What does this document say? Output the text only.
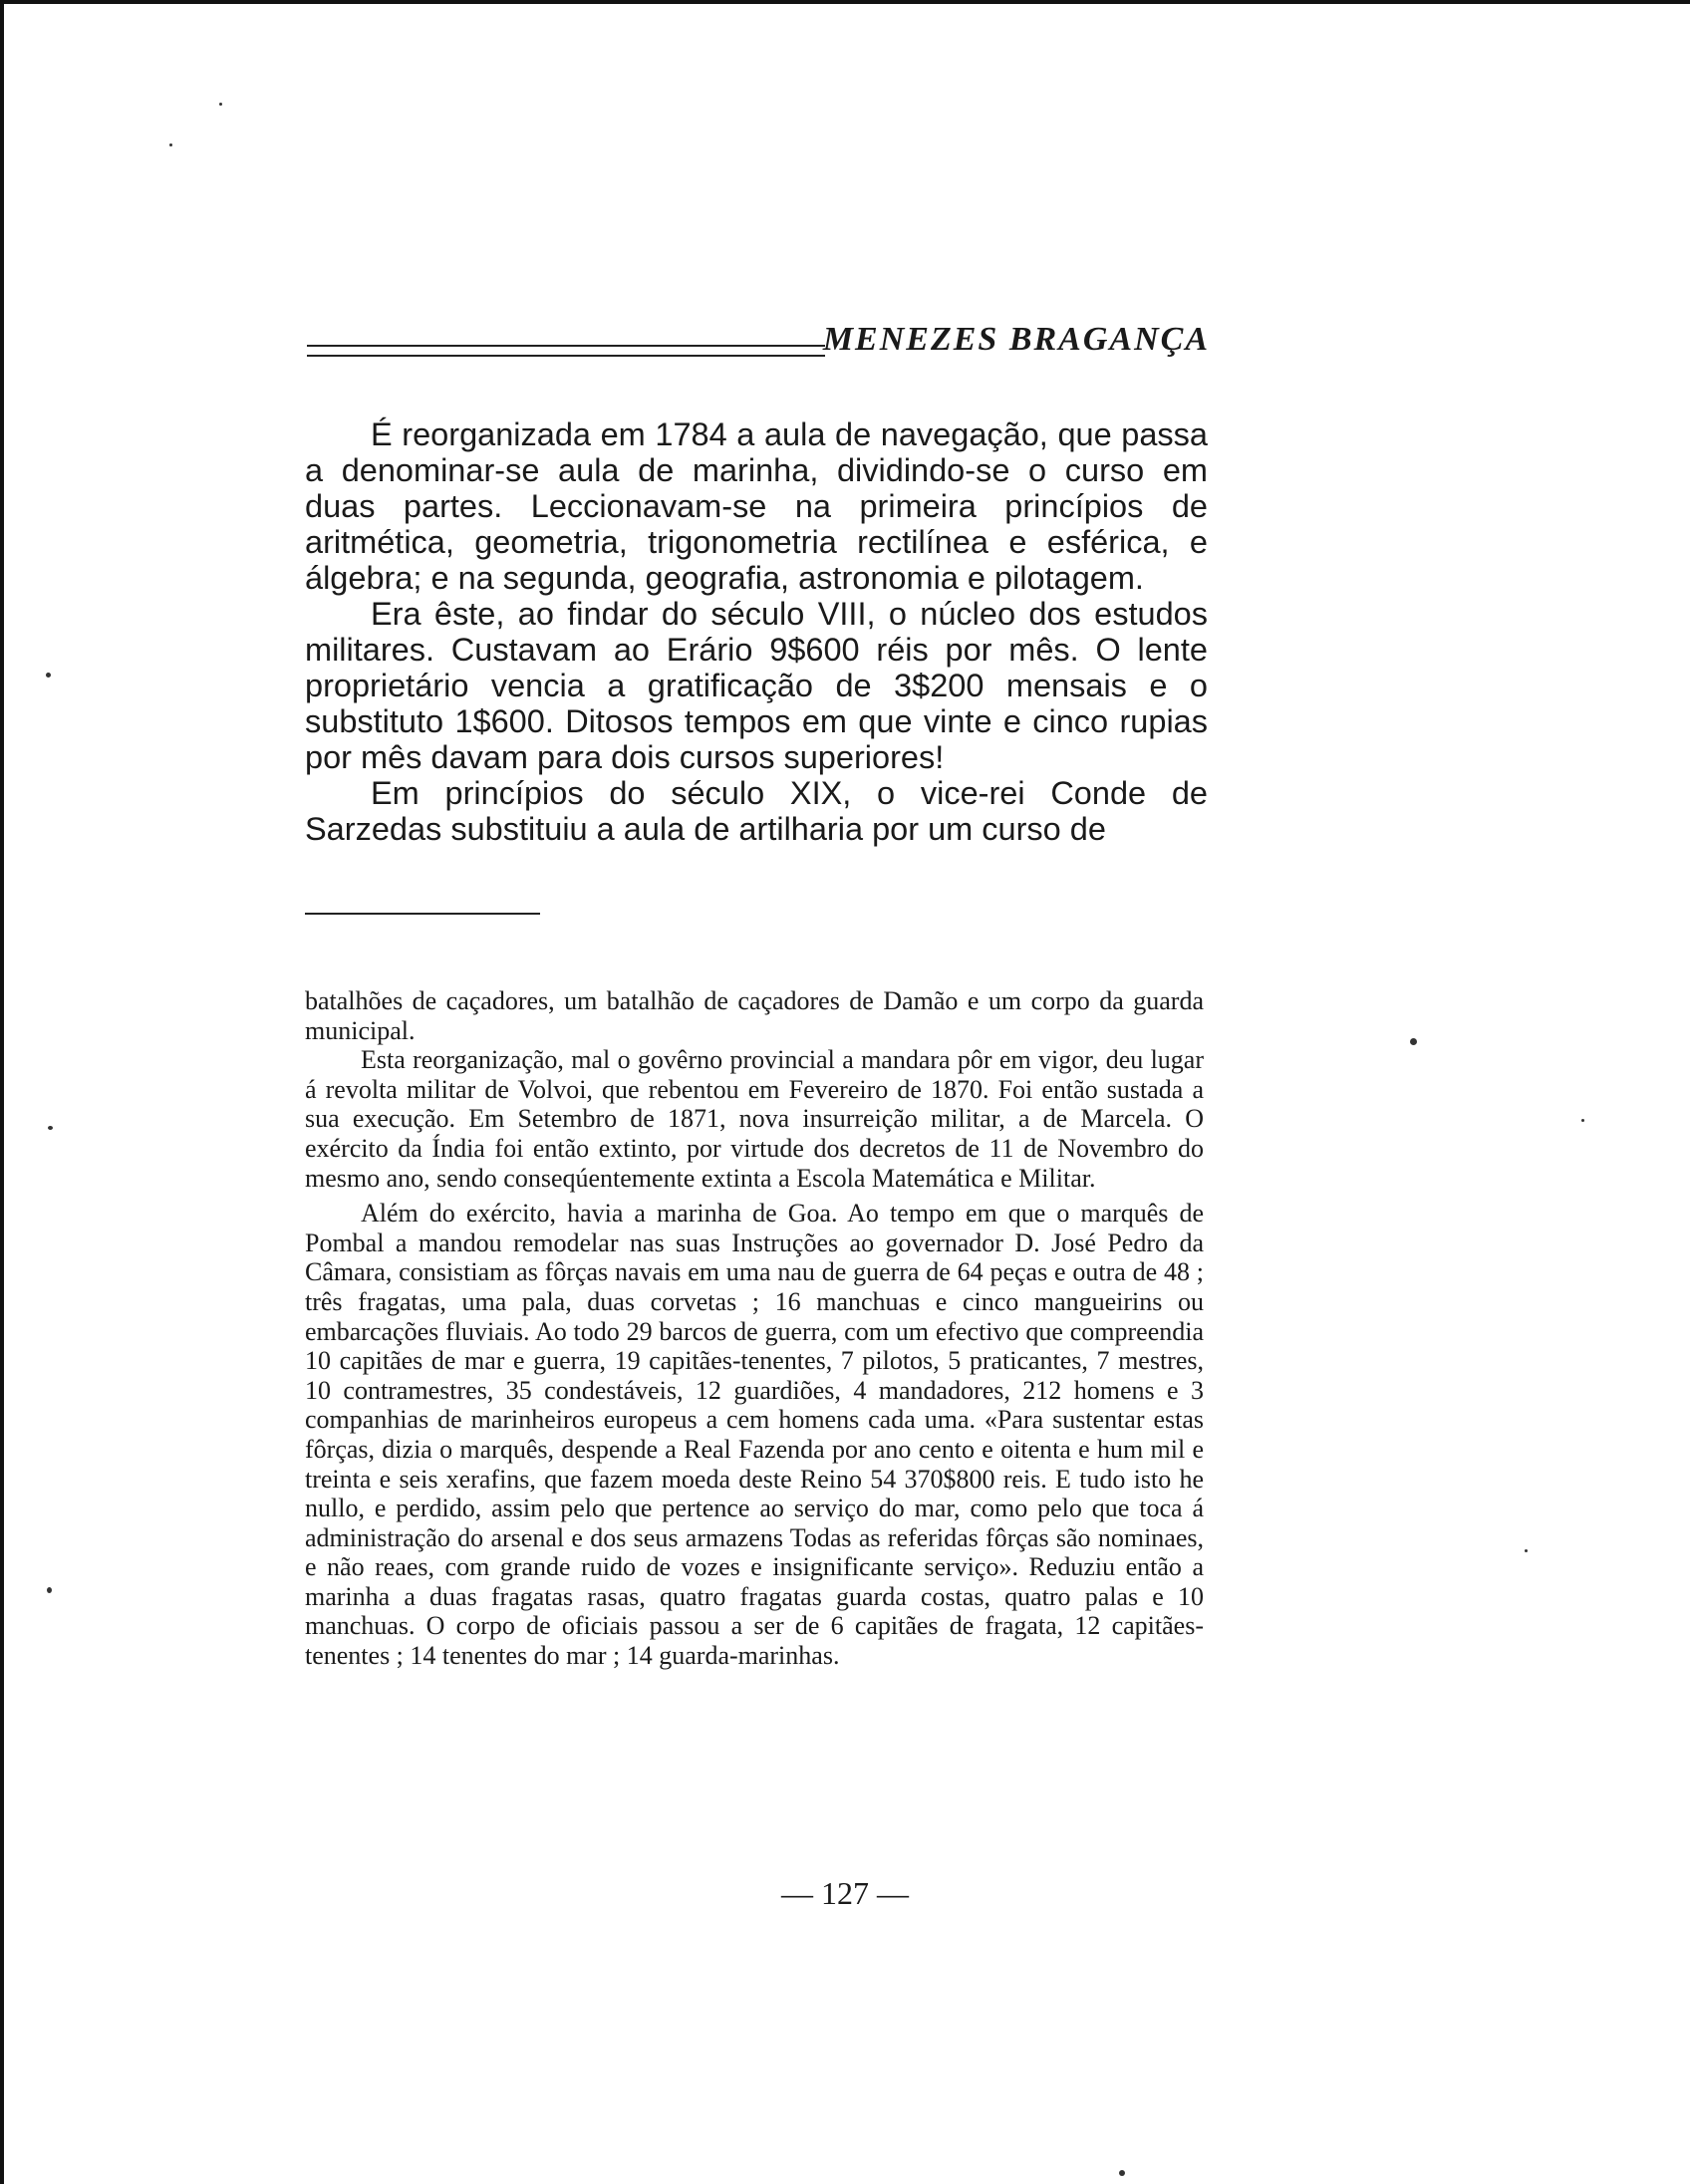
MENEZES BRAGANÇA

É reorganizada em 1784 a aula de navegação, que passa a denominar-se aula de marinha, dividindo-se o curso em duas partes. Leccionavam-se na primeira princípios de aritmética, geometria, trigonometria rectilínea e esférica, e álgebra; e na segunda, geografia, astronomia e pilotagem.

Era êste, ao findar do século VIII, o núcleo dos estudos militares. Custavam ao Erário 9$600 réis por mês. O lente proprietário vencia a gratificação de 3$200 mensais e o substituto 1$600. Ditosos tempos em que vinte e cinco rupias por mês davam para dois cursos superiores!

Em princípios do século XIX, o vice-rei Conde de Sarzedas substituiu a aula de artilharia por um curso de

batalhões de caçadores, um batalhão de caçadores de Damão e um corpo da guarda municipal.

Esta reorganização, mal o govêrno provincial a mandara pôr em vigor, deu lugar á revolta militar de Volvoi, que rebentou em Fevereiro de 1870. Foi então sustada a sua execução. Em Setembro de 1871, nova insurreição militar, a de Marcela. O exército da Índia foi então extinto, por virtude dos decretos de 11 de Novembro do mesmo ano, sendo conseqúentemente extinta a Escola Matemática e Militar.

Além do exército, havia a marinha de Goa. Ao tempo em que o marquês de Pombal a mandou remodelar nas suas Instruções ao governador D. José Pedro da Câmara, consistiam as fôrças navais em uma nau de guerra de 64 peças e outra de 48 ; três fragatas, uma pala, duas corvetas ; 16 manchuas e cinco mangueirins ou embarcações fluviais. Ao todo 29 barcos de guerra, com um efectivo que compreendia 10 capitães de mar e guerra, 19 capitães-tenentes, 7 pilotos, 5 praticantes, 7 mestres, 10 contramestres, 35 condestáveis, 12 guardiões, 4 mandadores, 212 homens e 3 companhias de marinheiros europeus a cem homens cada uma. «Para sustentar estas fôrças, dizia o marquês, despende a Real Fazenda por ano cento e oitenta e hum mil e treinta e seis xerafins, que fazem moeda deste Reino 54 370$800 reis. E tudo isto he nullo, e perdido, assim pelo que pertence ao serviço do mar, como pelo que toca á administração do arsenal e dos seus armazens Todas as referidas fôrças são nominaes, e não reaes, com grande ruido de vozes e insignificante serviço». Reduziu então a marinha a duas fragatas rasas, quatro fragatas guarda costas, quatro palas e 10 manchuas. O corpo de oficiais passou a ser de 6 capitães de fragata, 12 capitães-tenentes ; 14 tenentes do mar ; 14 guarda-marinhas.

— 127 —
